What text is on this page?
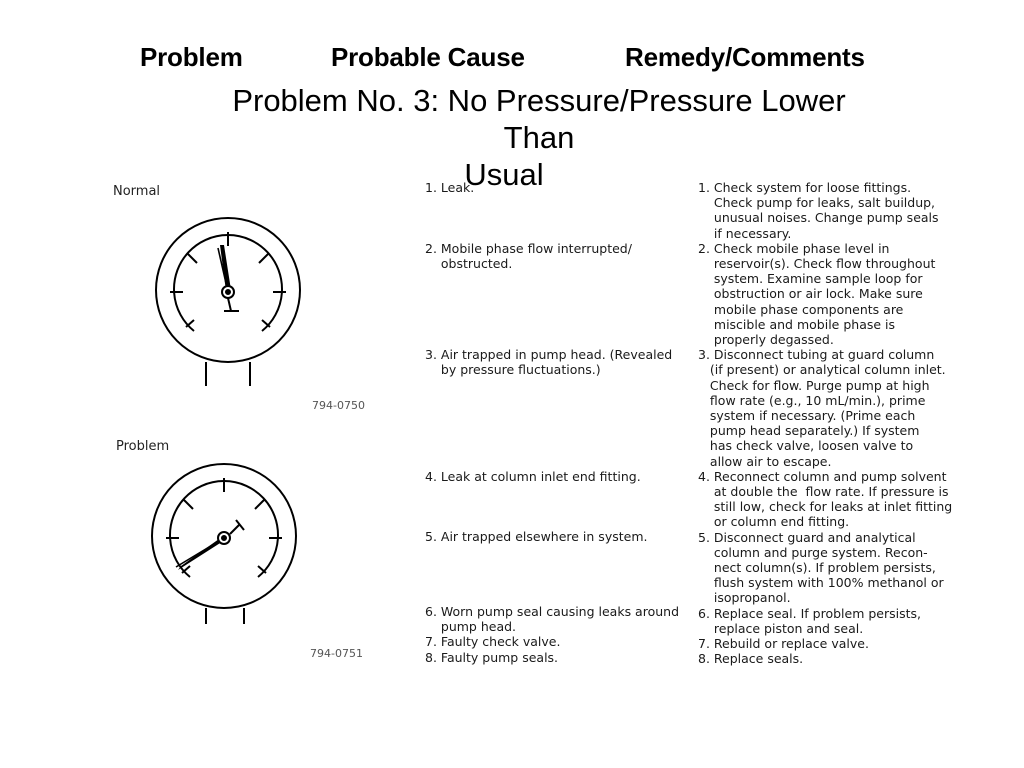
Problem	Probable Cause	Remedy/Comments
Problem No. 3: No Pressure/Pressure Lower Than
Usual
Normal
794-0750
Problem
794-0751
1. Leak.
2. Mobile phase flow interrupted/
obstructed.
3. Air trapped in pump head. (Revealed
by pressure fluctuations.)
4. Leak at column inlet end fitting.
5. Air trapped elsewhere in system.
6. Worn pump seal causing leaks around
pump head.
7. Faulty check valve.
8. Faulty pump seals.
1. Check system for loose fittings.
Check pump for leaks, salt buildup,
unusual noises. Change pump seals
if necessary.
2. Check mobile phase level in
reservoir(s). Check flow throughout
system. Examine sample loop for
obstruction or air lock. Make sure
mobile phase components are
miscible and mobile phase is
properly degassed.
3. Disconnect tubing at guard column
(if present) or analytical column inlet.
Check for flow. Purge pump at high
flow rate (e.g., 10 mL/min.), prime
system if necessary. (Prime each
pump head separately.) If system
has check valve, loosen valve to
allow air to escape.
4. Reconnect column and pump solvent
at double the  flow rate. If pressure is
still low, check for leaks at inlet fitting
or column end fitting.
5. Disconnect guard and analytical
column and purge system. Recon-
nect column(s). If problem persists,
flush system with 100% methanol or
isopropanol.
6. Replace seal. If problem persists,
replace piston and seal.
7. Rebuild or replace valve.
8. Replace seals.
